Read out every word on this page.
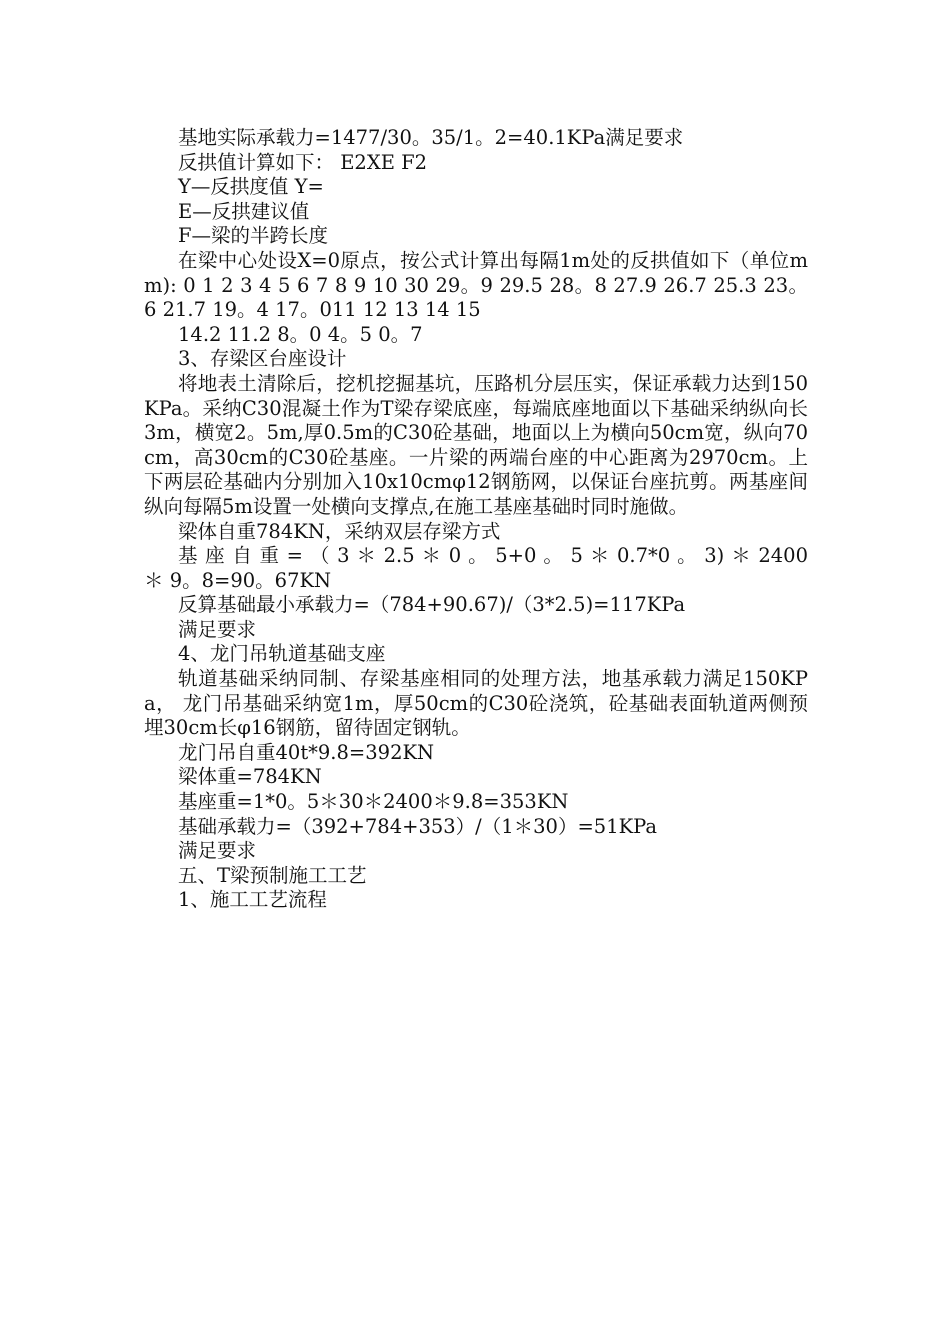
基地实际承载力=1477/30。35/1。2=40.1KPa满足要求

反拱值计算如下： E2XE F2

Y—反拱度值 Y=

E—反拱建议值

F—梁的半跨长度

在梁中心处设X=0原点，按公式计算出每隔1m处的反拱值如下（单位mm): 0 1 2 3 4 5 6 7 8 9 10 30 29。9 29.5 28。8 27.9 26.7 25.3 23。6 21.7 19。4 17。011 12 13 14 15

14.2 11.2 8。0 4。5 0。7

3、存梁区台座设计

将地表土清除后，挖机挖掘基坑，压路机分层压实，保证承载力达到150KPa。采纳C30混凝土作为T梁存梁底座，每端底座地面以下基础采纳纵向长3m，横宽2。5m,厚0.5m的C30砼基础，地面以上为横向50cm宽，纵向70cm，高30cm的C30砼基座。一片梁的两端台座的中心距离为2970cm。上下两层砼基础内分别加入10x10cmφ12钢筋网，以保证台座抗剪。两基座间纵向每隔5m设置一处横向支撑点,在施工基座基础时同时施做。

梁体自重784KN，采纳双层存梁方式

基 座 自 重 = （ 3 ＊ 2.5 ＊ 0 。 5+0 。 5 ＊ 0.7*0 。 3) ＊ 2400 ＊ 9。8=90。67KN

反算基础最小承载力=（784+90.67)/（3*2.5)=117KPa

满足要求

4、龙门吊轨道基础支座

轨道基础采纳同制、存梁基座相同的处理方法，地基承载力满足150KPa， 龙门吊基础采纳宽1m，厚50cm的C30砼浇筑，砼基础表面轨道两侧预埋30cm长φ16钢筋，留待固定钢轨。

龙门吊自重40t*9.8=392KN

梁体重=784KN

基座重=1*0。5＊30＊2400＊9.8=353KN

基础承载力=（392+784+353）/（1＊30）=51KPa

满足要求

五、T梁预制施工工艺

1、施工工艺流程
